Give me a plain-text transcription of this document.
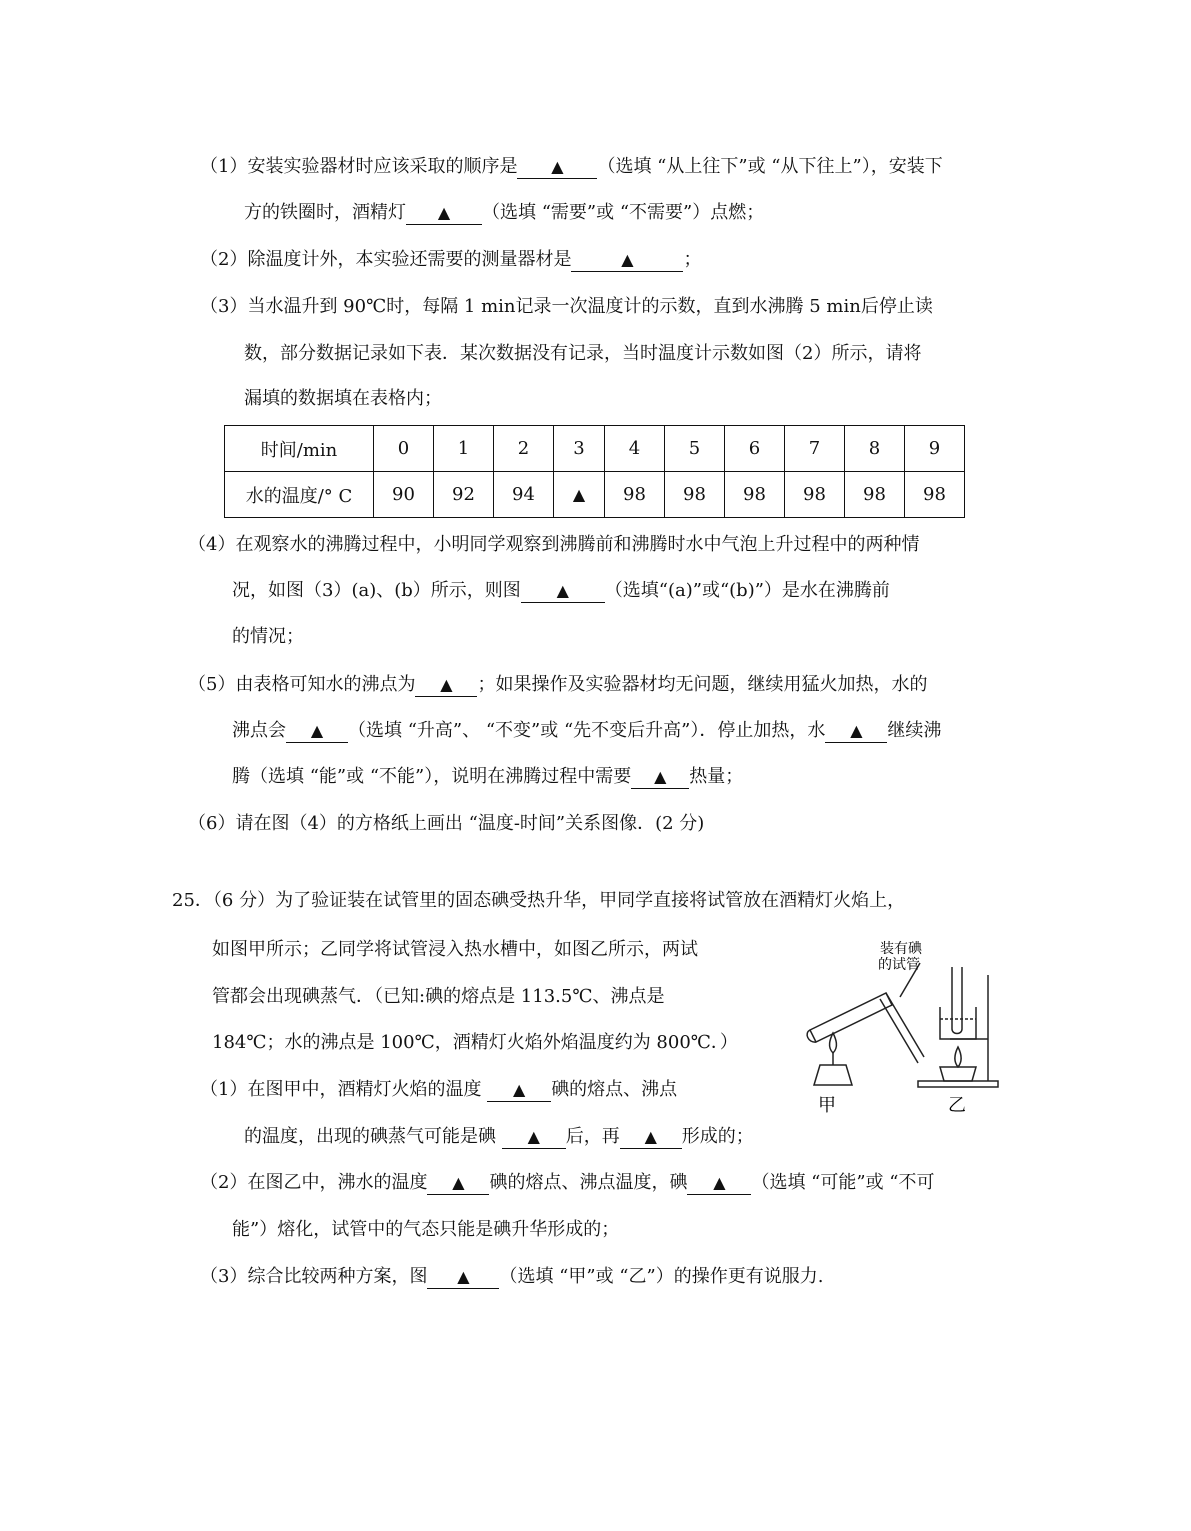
（1）安装实验器材时应该采取的顺序是 ▲ （选填 “从上往下”或 “从下往上”），安装下
方的铁圈时，酒精灯 ▲ （选填 “需要”或 “不需要”）点燃；
（2）除温度计外，本实验还需要的测量器材是	▲	；
（3）当水温升到 90℃时，每隔 1 min记录一次温度计的示数，直到水沸腾 5 min后停止读
数，部分数据记录如下表．某次数据没有记录，当时温度计示数如图（2）所示，请将
漏填的数据填在表格内；
时间/min	0	1	2	3	4	5	6	7	8	9
水的温度/° C	90	92	94	▲	98	98	98	98	98	98
（4）在观察水的沸腾过程中，小明同学观察到沸腾前和沸腾时水中气泡上升过程中的两种情
况，如图（3）(a)、(b）所示，则图 ▲ （选填“(a)”或“(b)”）是水在沸腾前
的情况；
（5）由表格可知水的沸点为 ▲ ；如果操作及实验器材均无问题，继续用猛火加热，水的
沸点会 ▲ （选填 “升高”、 “不变”或 “先不变后升高”）．停止加热，水 ▲ 继续沸
腾（选填 “能”或 “不能”），说明在沸腾过程中需要 ▲ 热量；
（6）请在图（4）的方格纸上画出 “温度-时间”关系图像．(2 分)
25．（6 分）为了验证装在试管里的固态碘受热升华，甲同学直接将试管放在酒精灯火焰上，
如图甲所示；乙同学将试管浸入热水槽中，如图乙所示，两试
管都会出现碘蒸气．（已知:碘的熔点是 113.5℃、沸点是
184℃；水的沸点是 100℃，酒精灯火焰外焰温度约为 800℃．）
（1）在图甲中，酒精灯火焰的温度 ▲ 碘的熔点、沸点
的温度，出现的碘蒸气可能是碘 ▲ 后，再 ▲ 形成的；
（2）在图乙中，沸水的温度 ▲ 碘的熔点、沸点温度，碘 ▲ （选填 “可能”或 “不可
能”）熔化，试管中的气态只能是碘升华形成的；
（3）综合比较两种方案，图 ▲ （选填 “甲”或 “乙”）的操作更有说服力.
装有碘
的试管
甲	乙
